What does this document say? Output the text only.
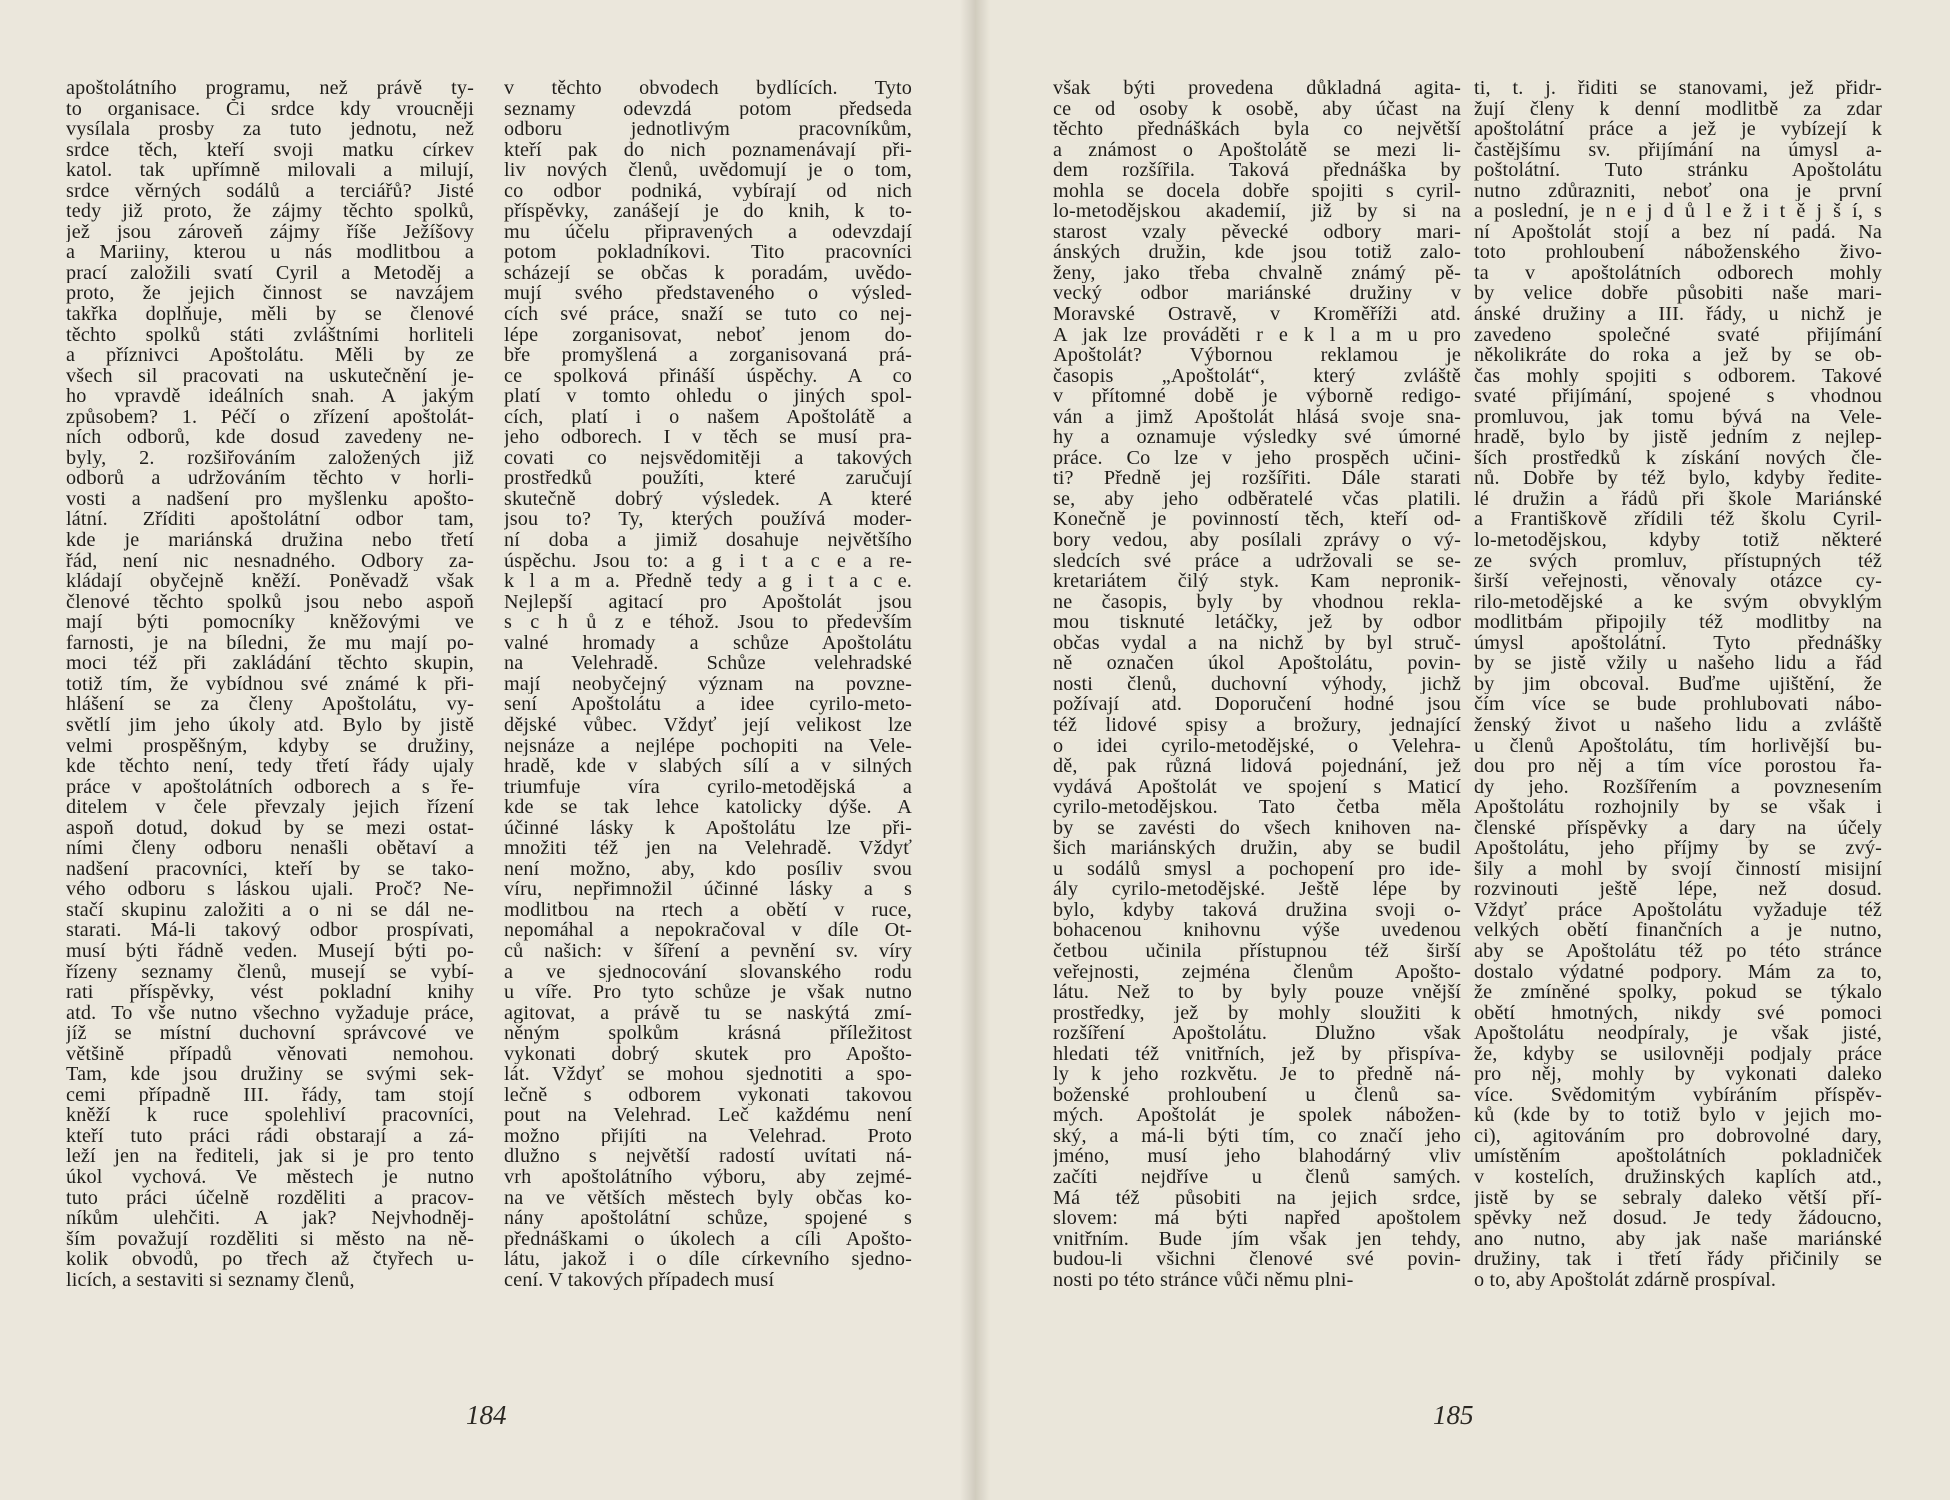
apoštolátního programu, než právě ty-
to organisace. Či srdce kdy vroucněji
vysílala prosby za tuto jednotu, než
srdce těch, kteří svoji matku církev
katol. tak upřímně milovali a milují,
srdce věrných sodálů a terciářů? Jisté
tedy již proto, že zájmy těchto spolků,
jež jsou zároveň zájmy říše Ježíšovy
a Mariiny, kterou u nás modlitbou a
prací založili svatí Cyril a Metoděj a
proto, že jejich činnost se navzájem
takřka doplňuje, měli by se členové
těchto spolků státi zvláštními horliteli
a příznivci Apoštolátu. Měli by ze
všech sil pracovati na uskutečnění je-
ho vpravdě ideálních snah. A jakým
způsobem? 1. Péčí o zřízení apoštolát-
ních odborů, kde dosud zavedeny ne-
byly, 2. rozšiřováním založených již
odborů a udržováním těchto v horli-
vosti a nadšení pro myšlenku apošto-
látní. Zříditi apoštolátní odbor tam,
kde je mariánská družina nebo třetí
řád, není nic nesnadného. Odbory za-
kládají obyčejně kněží. Poněvadž však
členové těchto spolků jsou nebo aspoň
mají býti pomocníky kněžovými ve
farnosti, je na bíledni, že mu mají po-
moci též při zakládání těchto skupin,
totiž tím, že vybídnou své známé k při-
hlášení se za členy Apoštolátu, vy-
světlí jim jeho úkoly atd. Bylo by jistě
velmi prospěšným, kdyby se družiny,
kde těchto není, tedy třetí řády ujaly
práce v apoštolátních odborech a s ře-
ditelem v čele převzaly jejich řízení
aspoň dotud, dokud by se mezi ostat-
ními členy odboru nenašli obětaví a
nadšení pracovníci, kteří by se tako-
vého odboru s láskou ujali. Proč? Ne-
stačí skupinu založiti a o ni se dál ne-
starati. Má-li takový odbor prospívati,
musí býti řádně veden. Musejí býti po-
řízeny seznamy členů, musejí se vybí-
rati příspěvky, vést pokladní knihy
atd. To vše nutno všechno vyžaduje práce,
jíž se místní duchovní správcové ve
většině případů věnovati nemohou.
Tam, kde jsou družiny se svými sek-
cemi případně III. řády, tam stojí
kněží k ruce spolehliví pracovníci,
kteří tuto práci rádi obstarají a zá-
leží jen na řediteli, jak si je pro tento
úkol vychová. Ve městech je nutno
tuto práci účelně rozděliti a pracov-
níkům ulehčiti. A jak? Nejvhodněj-
ším považují rozděliti si město na ně-
kolik obvodů, po třech až čtyřech u-
licích, a sestaviti si seznamy členů,
v těchto obvodech bydlících. Tyto
seznamy odevzdá potom předseda
odboru jednotlivým pracovníkům,
kteří pak do nich poznamenávají při-
liv nových členů, uvědomují je o tom,
co odbor podniká, vybírají od nich
příspěvky, zanášejí je do knih, k to-
mu účelu připravených a odevzdají
potom pokladníkovi. Tito pracovníci
scházejí se občas k poradám, uvědo-
mují svého představeného o výsled-
cích své práce, snaží se tuto co nej-
lépe zorganisovat, neboť jenom do-
bře promyšlená a zorganisovaná prá-
ce spolková přináší úspěchy. A co
platí v tomto ohledu o jiných spol-
cích, platí i o našem Apoštolátě a
jeho odborech. I v těch se musí pra-
covati co nejsvědomitěji a takových
prostředků použíti, které zaručují
skutečně dobrý výsledek. A které
jsou to? Ty, kterých používá moder-
ní doba a jimiž dosahuje největšího
úspěchu. Jsou to: a g i t a c e a re-
k l a m a. Předně tedy a g i t a c e.
Nejlepší agitací pro Apoštolát jsou
s c h ů z e téhož. Jsou to především
valné hromady a schůze Apoštolátu
na Velehradě. Schůze velehradské
mají neobyčejný význam na povzne-
sení Apoštolátu a idee cyrilo-meto-
dějské vůbec. Vždyť její velikost lze
nejsnáze a nejlépe pochopiti na Vele-
hradě, kde v slabých sílí a v silných
triumfuje víra cyrilo-metodějská a
kde se tak lehce katolicky dýše. A
účinné lásky k Apoštolátu lze při-
množiti též jen na Velehradě. Vždyť
není možno, aby, kdo posíliv svou
víru, nepřimnožil účinné lásky a s
modlitbou na rtech a obětí v ruce,
nepomáhal a nepokračoval v díle Ot-
ců našich: v šíření a pevnění sv. víry
a ve sjednocování slovanského rodu
u víře. Pro tyto schůze je však nutno
agitovat, a právě tu se naskýtá zmí-
něným spolkům krásná příležitost
vykonati dobrý skutek pro Apošto-
lát. Vždyť se mohou sjednotiti a spo-
lečně s odborem vykonati takovou
pout na Velehrad. Leč každému není
možno přijíti na Velehrad. Proto
dlužno s největší radostí uvítati ná-
vrh apoštolátního výboru, aby zejmé-
na ve větších městech byly občas ko-
nány apoštolátní schůze, spojené s
přednáškami o úkolech a cíli Apošto-
látu, jakož i o díle církevního sjedno-
cení. V takových případech musí
184
však býti provedena důkladná agita-
ce od osoby k osobě, aby účast na
těchto přednáškách byla co největší
a známost o Apoštolátě se mezi li-
dem rozšířila. Taková přednáška by
mohla se docela dobře spojiti s cyril-
lo-metodějskou akademií, již by si na
starost vzaly pěvecké odbory mari-
ánských družin, kde jsou totiž zalo-
ženy, jako třeba chvalně známý pě-
vecký odbor mariánské družiny v
Moravské Ostravě, v Kroměříži atd.
A jak lze prováděti r e k l a m u pro
Apoštolát? Výbornou reklamou je
časopis „Apoštolát“, který zvláště
v přítomné době je výborně redigo-
ván a jimž Apoštolát hlásá svoje sna-
hy a oznamuje výsledky své úmorné
práce. Co lze v jeho prospěch učini-
ti? Předně jej rozšířiti. Dále starati
se, aby jeho odběratelé včas platili.
Konečně je povinností těch, kteří od-
bory vedou, aby posílali zprávy o vý-
sledcích své práce a udržovali se se-
kretariátem čilý styk. Kam nepronik-
ne časopis, byly by vhodnou rekla-
mou tisknuté letáčky, jež by odbor
občas vydal a na nichž by byl struč-
ně označen úkol Apoštolátu, povin-
nosti členů, duchovní výhody, jichž
požívají atd. Doporučení hodné jsou
též lidové spisy a brožury, jednající
o idei cyrilo-metodějské, o Velehra-
dě, pak různá lidová pojednání, jež
vydává Apoštolát ve spojení s Maticí
cyrilo-metodějskou. Tato četba měla
by se zavésti do všech knihoven na-
šich mariánských družin, aby se budil
u sodálů smysl a pochopení pro ide-
ály cyrilo-metodějské. Ještě lépe by
bylo, kdyby taková družina svoji o-
bohacenou knihovnu výše uvedenou
četbou učinila přístupnou též širší
veřejnosti, zejména členům Apošto-
látu. Než to by byly pouze vnější
prostředky, jež by mohly sloužiti k
rozšíření Apoštolátu. Dlužno však
hledati též vnitřních, jež by přispíva-
ly k jeho rozkvětu. Je to předně ná-
boženské prohloubení u členů sa-
mých. Apoštolát je spolek nábožen-
ský, a má-li býti tím, co značí jeho
jméno, musí jeho blahodárný vliv
začíti nejdříve u členů samých.
Má též působiti na jejich srdce,
slovem: má býti napřed apoštolem
vnitřním. Bude jím však jen tehdy,
budou-li všichni členové své povin-
nosti po této stránce vůči němu plni-
ti, t. j. řiditi se stanovami, jež přidr-
žují členy k denní modlitbě za zdar
apoštolátní práce a jež je vybízejí k
častějšímu sv. přijímání na úmysl a-
poštolátní. Tuto stránku Apoštolátu
nutno zdůrazniti, neboť ona je první
a poslední, je n e j d ů l e ž i t ě j š í, s
ní Apoštolát stojí a bez ní padá. Na
toto prohloubení náboženského živo-
ta v apoštolátních odborech mohly
by velice dobře působiti naše mari-
ánské družiny a III. řády, u nichž je
zavedeno společné svaté přijímání
několikráte do roka a jež by se ob-
čas mohly spojiti s odborem. Takové
svaté přijímání, spojené s vhodnou
promluvou, jak tomu bývá na Vele-
hradě, bylo by jistě jedním z nejlep-
ších prostředků k získání nových čle-
nů. Dobře by též bylo, kdyby ředite-
lé družin a řádů při škole Mariánské
a Františkově zřídili též školu Cyril-
lo-metodějskou, kdyby totiž některé
ze svých promluv, přístupných též
širší veřejnosti, věnovaly otázce cy-
rilo-metodějské a ke svým obvyklým
modlitbám připojily též modlitby na
úmysl apoštolátní. Tyto přednášky
by se jistě vžily u našeho lidu a řád
by jim obcoval. Buďme ujištění, že
čím více se bude prohlubovati nábo-
ženský život u našeho lidu a zvláště
u členů Apoštolátu, tím horlivější bu-
dou pro něj a tím více porostou řa-
dy jeho. Rozšířením a povznesením
Apoštolátu rozhojnily by se však i
členské příspěvky a dary na účely
Apoštolátu, jeho příjmy by se zvý-
šily a mohl by svojí činností misijní
rozvinouti ještě lépe, než dosud.
Vždyť práce Apoštolátu vyžaduje též
velkých obětí finančních a je nutno,
aby se Apoštolátu též po této stránce
dostalo výdatné podpory. Mám za to,
že zmíněné spolky, pokud se týkalo
obětí hmotných, nikdy své pomoci
Apoštolátu neodpíraly, je však jisté,
že, kdyby se usilovněji podjaly práce
pro něj, mohly by vykonati daleko
více. Svědomitým vybíráním příspěv-
ků (kde by to totiž bylo v jejich mo-
ci), agitováním pro dobrovolné dary,
umístěním apoštolátních pokladniček
v kostelích, družinských kaplích atd.,
jistě by se sebraly daleko větší pří-
spěvky než dosud. Je tedy žádoucno,
ano nutno, aby jak naše mariánské
družiny, tak i třetí řády přičinily se
o to, aby Apoštolát zdárně prospíval.
185
